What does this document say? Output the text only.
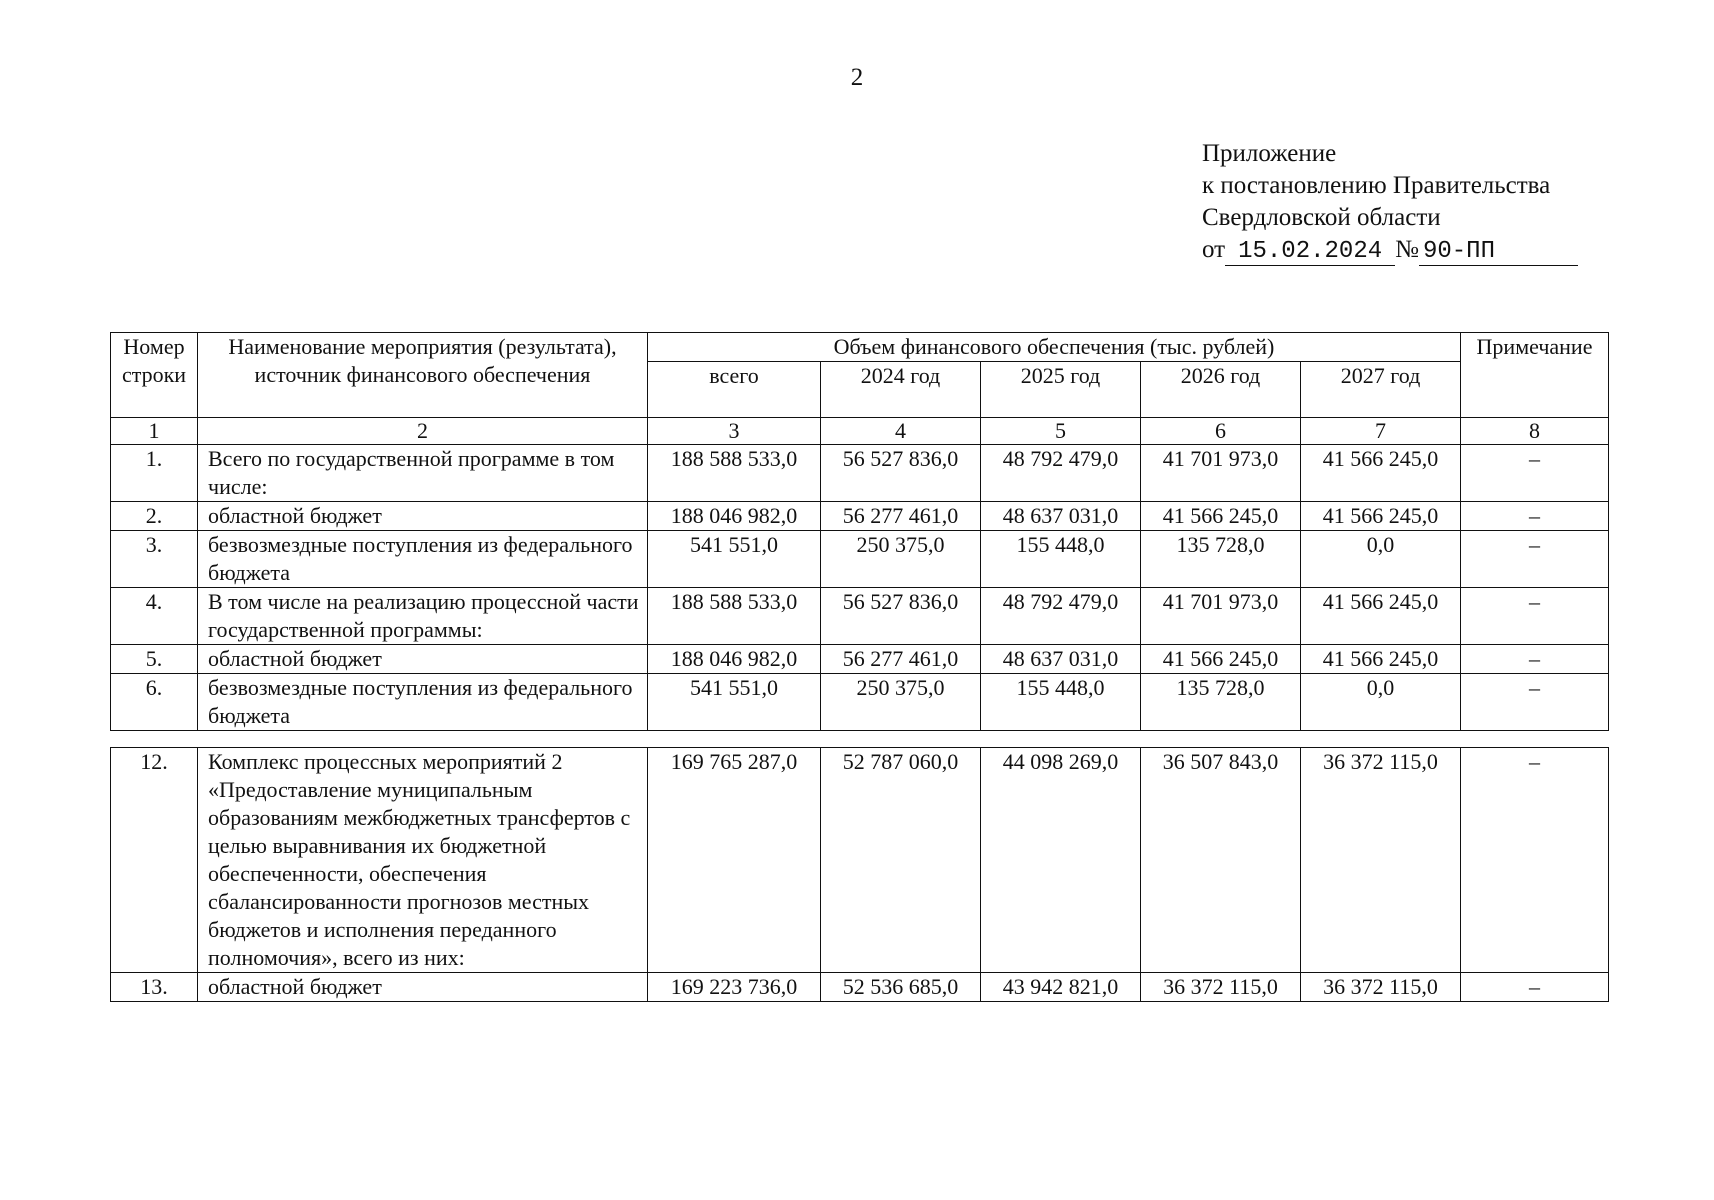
2
Приложение
к постановлению Правительства
Свердловской области
от 15.02.2024 № 90-ПП
Номер строки	Наименование мероприятия (результата), источник финансового обеспечения	Объем финансового обеспечения (тыс. рублей)					Примечание
		всего	2024 год	2025 год	2026 год	2027 год	
1	2	3	4	5	6	7	8
1.	Всего по государственной программе в том числе:	188 588 533,0	56 527 836,0	48 792 479,0	41 701 973,0	41 566 245,0	–
2.	областной бюджет	188 046 982,0	56 277 461,0	48 637 031,0	41 566 245,0	41 566 245,0	–
3.	безвозмездные поступления из федерального бюджета	541 551,0	250 375,0	155 448,0	135 728,0	0,0	–
4.	В том числе на реализацию процессной части государственной программы:	188 588 533,0	56 527 836,0	48 792 479,0	41 701 973,0	41 566 245,0	–
5.	областной бюджет	188 046 982,0	56 277 461,0	48 637 031,0	41 566 245,0	41 566 245,0	–
6.	безвозмездные поступления из федерального бюджета	541 551,0	250 375,0	155 448,0	135 728,0	0,0	–
12.	Комплекс процессных мероприятий 2 «Предоставление муниципальным образованиям межбюджетных трансфертов с целью выравнивания их бюджетной обеспеченности, обеспечения сбалансированности прогнозов местных бюджетов и исполнения переданного полномочия», всего из них:	169 765 287,0	52 787 060,0	44 098 269,0	36 507 843,0	36 372 115,0	–
13.	областной бюджет	169 223 736,0	52 536 685,0	43 942 821,0	36 372 115,0	36 372 115,0	–
